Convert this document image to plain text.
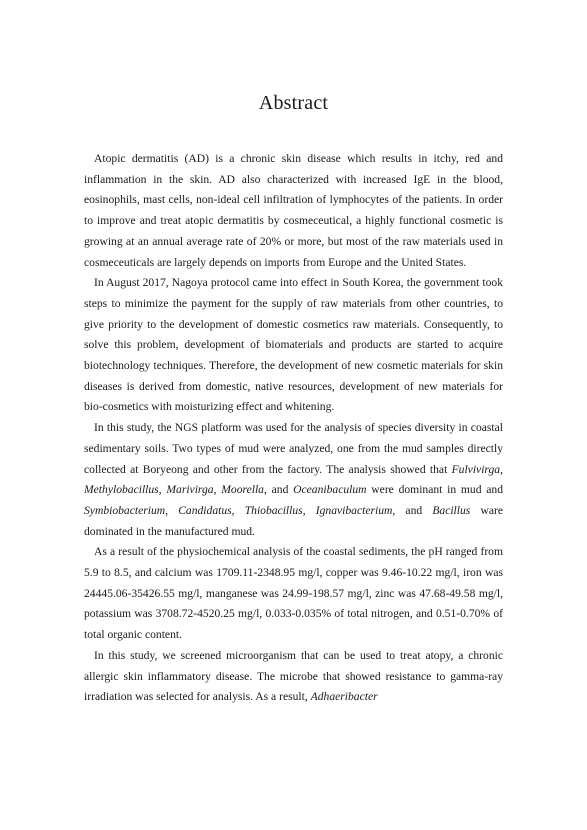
Abstract

Atopic dermatitis (AD) is a chronic skin disease which results in itchy, red and inflammation in the skin. AD also characterized with increased IgE in the blood, eosinophils, mast cells, non-ideal cell infiltration of lymphocytes of the patients. In order to improve and treat atopic dermatitis by cosmeceutical, a highly functional cosmetic is growing at an annual average rate of 20% or more, but most of the raw materials used in cosmeceuticals are largely depends on imports from Europe and the United States.

In August 2017, Nagoya protocol came into effect in South Korea, the government took steps to minimize the payment for the supply of raw materials from other countries, to give priority to the development of domestic cosmetics raw materials. Consequently, to solve this problem, development of biomaterials and products are started to acquire biotechnology techniques. Therefore, the development of new cosmetic materials for skin diseases is derived from domestic, native resources, development of new materials for bio-cosmetics with moisturizing effect and whitening.

In this study, the NGS platform was used for the analysis of species diversity in coastal sedimentary soils. Two types of mud were analyzed, one from the mud samples directly collected at Boryeong and other from the factory. The analysis showed that Fulvivirga, Methylobacillus, Marivirga, Moorella, and Oceanibaculum were dominant in mud and Symbiobacterium, Candidatus, Thiobacillus, Ignavibacterium, and Bacillus ware dominated in the manufactured mud.

As a result of the physiochemical analysis of the coastal sediments, the pH ranged from 5.9 to 8.5, and calcium was 1709.11-2348.95 mg/l, copper was 9.46-10.22 mg/l, iron was 24445.06-35426.55 mg/l, manganese was 24.99-198.57 mg/l, zinc was 47.68-49.58 mg/l, potassium was 3708.72-4520.25 mg/l, 0.033-0.035% of total nitrogen, and 0.51-0.70% of total organic content.

In this study, we screened microorganism that can be used to treat atopy, a chronic allergic skin inflammatory disease. The microbe that showed resistance to gamma-ray irradiation was selected for analysis. As a result, Adhaeribacter
